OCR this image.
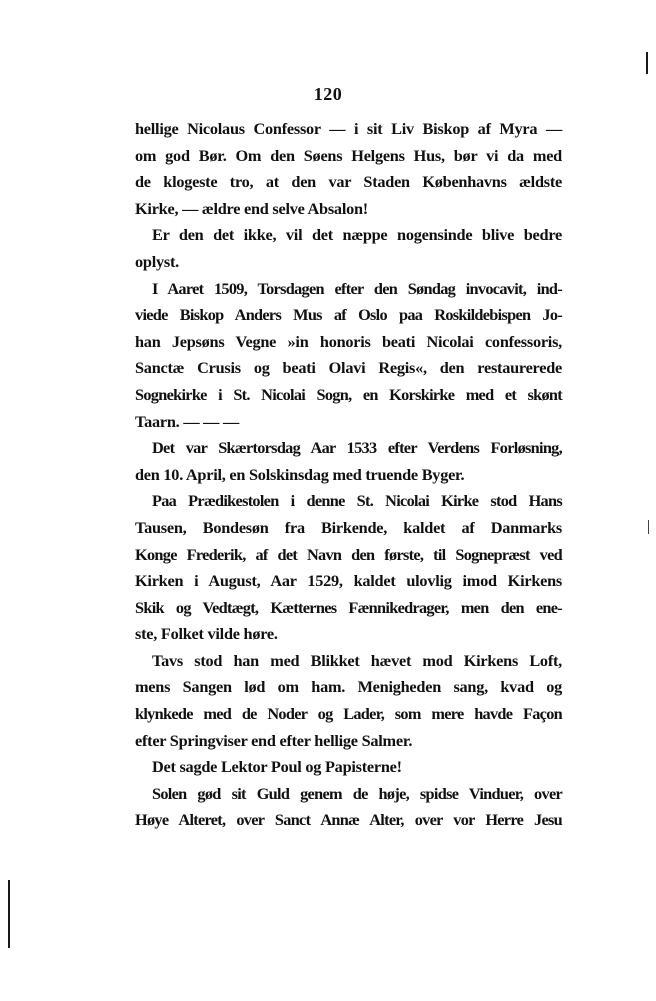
120
hellige Nicolaus Confessor — i sit Liv Biskop af Myra —
om god Bør. Om den Søens Helgens Hus, bør vi da med
de klogeste tro, at den var Staden Københavns ældste
Kirke, — ældre end selve Absalon!
Er den det ikke, vil det næppe nogensinde blive bedre
oplyst.
I Aaret 1509, Torsdagen efter den Søndag invocavit, ind-
viede Biskop Anders Mus af Oslo paa Roskildebispen Jo-
han Jepsøns Vegne »in honoris beati Nicolai confessoris,
Sanctæ Crusis og beati Olavi Regis«, den restaurerede
Sognekirke i St. Nicolai Sogn, en Korskirke med et skønt
Taarn. — — —
Det var Skærtorsdag Aar 1533 efter Verdens Forløsning,
den 10. April, en Solskinsdag med truende Byger.
Paa Prædikestolen i denne St. Nicolai Kirke stod Hans
Tausen, Bondesøn fra Birkende, kaldet af Danmarks
Konge Frederik, af det Navn den første, til Sognepræst ved
Kirken i August, Aar 1529, kaldet ulovlig imod Kirkens
Skik og Vedtægt, Kætternes Fænnikedrager, men den ene-
ste, Folket vilde høre.
Tavs stod han med Blikket hævet mod Kirkens Loft,
mens Sangen lød om ham. Menigheden sang, kvad og
klynkede med de Noder og Lader, som mere havde Façon
efter Springviser end efter hellige Salmer.
Det sagde Lektor Poul og Papisterne!
Solen gød sit Guld genem de høje, spidse Vinduer, over
Høye Alteret, over Sanct Annæ Alter, over vor Herre Jesu
